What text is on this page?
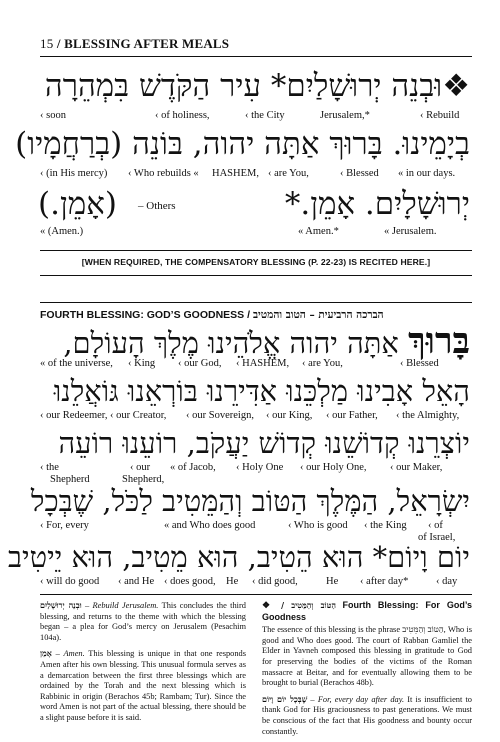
15 / BLESSING AFTER MEALS
❖וּבְנֵה יְרוּשָׁלַיִם* עִיר הַקֹּדֶשׁ בִּמְהֵרָה
‹ soon	‹ of holiness,	‹ the City	Jerusalem,*	‹ Rebuild
בְיָמֵינוּ. בָּרוּךְ אַתָּה יהוה, בּוֹנֵה (בְרַחֲמָיו)
‹ (in His mercy) ‹ Who rebuilds « HASHEM, ‹ are You,	‹ Blessed « in our days.
(אָמֵן.) – Others	יְרוּשָׁלָיִם. אָמֵן.*
« (Amen.)	« Amen.*	« Jerusalem.
[WHEN REQUIRED, THE COMPENSATORY BLESSING (P. 22-23) IS RECITED HERE.]
FOURTH BLESSING: GOD’S GOODNESS / הברכה הרביעית – הטוב והמטיב
בָּרוּךְ אַתָּה יהוה אֱלֹהֵינוּ מֶלֶךְ הָעוֹלָם,
« of the universe, ‹ King ‹ our God, ‹ HASHEM, ‹ are You,	‹ Blessed
הָאֵל אָבִינוּ מַלְכֵּנוּ אַדִּירֵנוּ בּוֹרְאֵנוּ גּוֹאֲלֵנוּ
‹ our Redeemer, ‹ our Creator, ‹ our Sovereign, ‹ our King, ‹ our Father, ‹ the Almighty,
יוֹצְרֵנוּ קְדוֹשֵׁנוּ קְדוֹשׁ יַעֲקֹב, רוֹעֵנוּ רוֹעֵה
‹ the	‹ our « of Jacob, ‹ Holy One ‹ our Holy One, ‹ our Maker,
Shepherd	Shepherd,
יִשְׂרָאֵל, הַמֶּלֶךְ הַטּוֹב וְהַמֵּטִיב לַכֹּל, שֶׁבְּכָל
‹ For, every	« and Who does good	‹ Who is good ‹ the King ‹ of
of Israel,
יוֹם וָיוֹם* הוּא הֵטִיב, הוּא מֵטִיב, הוּא יֵיטִיב
‹ will do good ‹ and He ‹ does good, He ‹ did good,	He ‹ after day*	‹ day

וּבְנֵה יְרוּשָׁלַיִם – Rebuild Jerusalem. This concludes the third blessing, and returns to the theme with which the blessing began – a plea for God’s mercy on Jerusalem (Pesachim 104a).

אָמֵן – Amen. This blessing is unique in that one responds Amen after his own blessing. This unusual formula serves as a demarcation between the first three blessings which are ordained by the Torah and the next blessing which is Rabbinic in origin (Berachos 45b; Rambam; Tur). Since the word Amen is not part of the actual blessing, there should be a slight pause before it is said.

❖ הַטּוֹב וְהַמֵּטִיב / Fourth Blessing: For God’s Goodness

The essence of this blessing is the phrase הַטּוֹב וְהַמֵּטִיב, Who is good and Who does good. The court of Rabban Gamliel the Elder in Yavneh composed this blessing in gratitude to God for preserving the bodies of the victims of the Roman massacre at Beitar, and for eventually allowing them to be brought to burial (Berachos 48b).

שֶׁבְּכָל יוֹם וָיוֹם – For, every day after day. It is insufficient to thank God for His graciousness to past generations. We must be conscious of the fact that His goodness and bounty occur constantly.
